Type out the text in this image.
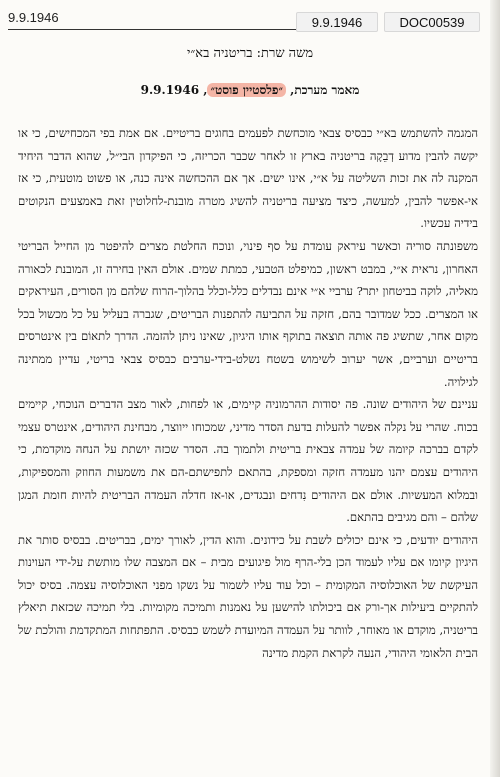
9.9.1946	9.9.1946	DOC00539
משה שרת: בריטניה בא״י
מאמר מערכת, ״פלסטיין פוסט״, 9.9.1946

המגמה להשתמש בא״י כבסיס צבאי מוכחשת לפעמים בחוגים בריטיים. אם אמת בפי המכחישים, כי או יקשה להבין מדוע דְבֵקָה בריטניה בארץ זו לאחר שכבר הכריזה, כי הפיקדון הבי״ל, שהוא הדבר היחיד המקנה לה את זכות השליטה על א״י, אינו ישים. אך אם ההכחשה אינה כנה, או פשוט מוטעית, כי אז אי-אפשר להבין, למעשה, כיצד מציעה בריטניה להשיג מטרה מובנת-לחלוטין זאת באמצעים הנקוטים בידיה עכשיו.

משפונתה סוריה וכאשר עיראק עומדת על סף פינוי, ונוכח החלטת מצרים להיפטר מן החייל הבריטי האחרון, נראית א״י, במבט ראשון, כמיפלט הטבעי, כמתת שמים. אולם האין בחירה זו, המובנת לכאורה מאליה, לוקה בביטחון יתר? ערביי א״י אינם נבדלים כלל-וכלל בהלוך-הרוח שלהם מן הסורים, העיראקים או המצרים. ככל שמדובר בהם, חזקה על התביעה להתפנות הבריטים, שגברה בעליל על כל מכשול בכל מקום אחר, שתשיג פה אותה תוצאה בתוקף אותו היגיון, שאינו ניתן להזמה. הדרך לתאוֹם בין אינטרסים בריטיים וערביים, אשר יערוב לשימוש בשטח נשלט-בידי-ערבים כבסיס צבאי בריטי, עדיין ממתינה לגילויה.

עניינם של היהודים שונה. פה יסודות ההרמוניה קיימים, או לפחות, לאור מצב הדברים הנוכחי, קיימים בכוח. שהרי על נקלה אפשר להעלות בדעת הסדר מדיני, שמכוחו ייווצר, מבחינת היהודים, אינטרס עצמי לקדם בברכה קיומה של עמדה צבאית בריטית ולתמוך בה. הסדר שכזה יושתת על הנחה מוקדמת, כי היהודים עצמם יהנו מעמדה חזקה ומספקת, בהתאם לתפישתם-הם את משמעות החוזק והמספיקות, ובמלוא המעשיות. אולם אם היהודים נִדחים ונבגדים, או-אז חדלה העמדה הבריטית להיות חומת המגן שלהם – והם מגיבים בהתאם.

היהודים יודעים, כי אינם יכולים לשבת על כידונים. והוא הדין, לאורך ימים, בבריטים. בבסיס סותר את היגיון קיומו אם עליו לעמוד הכן בלי-הרף מול פיגועים מבית – אם המצבה שלו מותשת על-ידי העוינות העיקשת של האוכלוסיה המקומית – וכל עוד עליו לשמור על נשקו מפני האוכלוסיה עצמה. בסיס יכול להתקיים ביעילות אך-ורק אם ביכולתו להישען על נאמנות ותמיכה מקומיות. בלי תמיכה שכזאת תיאלץ בריטניה, מוקדם או מאוחר, לוותר על העמדה המיועדת לשמש כבסיס. התפתחות המתקדמת והולכת של הבית הלאומי היהודי, הנעה לקראת הקמת מדינה
